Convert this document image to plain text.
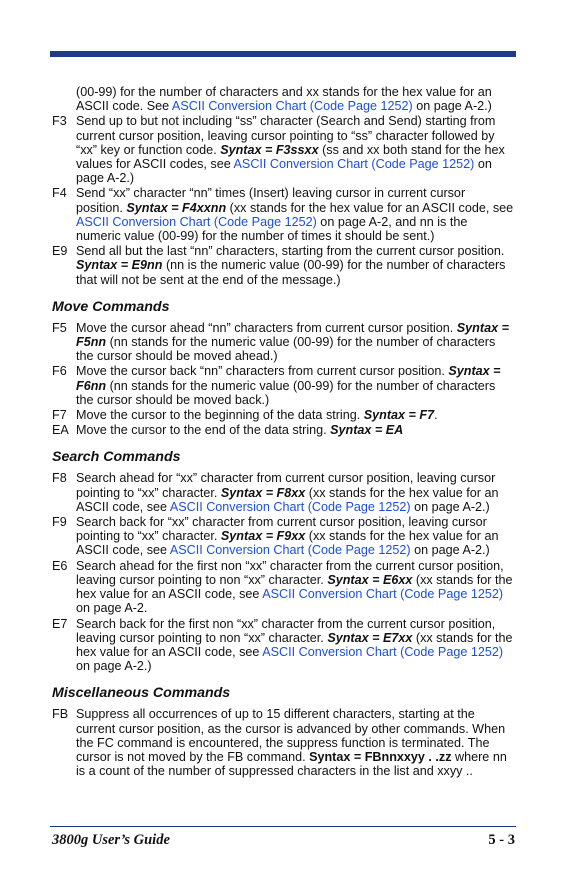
(00-99) for the number of characters and xx stands for the hex value for an ASCII code. See ASCII Conversion Chart (Code Page 1252) on page A-2.)
F3 Send up to but not including “ss” character (Search and Send) starting from current cursor position, leaving cursor pointing to “ss” character followed by “xx” key or function code. Syntax = F3ssxx (ss and xx both stand for the hex values for ASCII codes, see ASCII Conversion Chart (Code Page 1252) on page A-2.)
F4 Send “xx” character “nn” times (Insert) leaving cursor in current cursor position. Syntax = F4xxnn (xx stands for the hex value for an ASCII code, see ASCII Conversion Chart (Code Page 1252) on page A-2, and nn is the numeric value (00-99) for the number of times it should be sent.)
E9 Send all but the last “nn” characters, starting from the current cursor position. Syntax = E9nn (nn is the numeric value (00-99) for the number of characters that will not be sent at the end of the message.)
Move Commands
F5 Move the cursor ahead “nn” characters from current cursor position. Syntax = F5nn (nn stands for the numeric value (00-99) for the number of characters the cursor should be moved ahead.)
F6 Move the cursor back “nn” characters from current cursor position. Syntax = F6nn (nn stands for the numeric value (00-99) for the number of characters the cursor should be moved back.)
F7 Move the cursor to the beginning of the data string. Syntax = F7.
EA Move the cursor to the end of the data string. Syntax = EA
Search Commands
F8 Search ahead for “xx” character from current cursor position, leaving cursor pointing to “xx” character. Syntax = F8xx (xx stands for the hex value for an ASCII code, see ASCII Conversion Chart (Code Page 1252) on page A-2.)
F9 Search back for “xx” character from current cursor position, leaving cursor pointing to “xx” character. Syntax = F9xx (xx stands for the hex value for an ASCII code, see ASCII Conversion Chart (Code Page 1252) on page A-2.)
E6 Search ahead for the first non “xx” character from the current cursor position, leaving cursor pointing to non “xx” character. Syntax = E6xx (xx stands for the hex value for an ASCII code, see ASCII Conversion Chart (Code Page 1252) on page A-2.
E7 Search back for the first non “xx” character from the current cursor position, leaving cursor pointing to non “xx” character. Syntax = E7xx (xx stands for the hex value for an ASCII code, see ASCII Conversion Chart (Code Page 1252) on page A-2.)
Miscellaneous Commands
FB Suppress all occurrences of up to 15 different characters, starting at the current cursor position, as the cursor is advanced by other commands. When the FC command is encountered, the suppress function is terminated. The cursor is not moved by the FB command. Syntax = FBnnxxyy . .zz where nn is a count of the number of suppressed characters in the list and xxyy ..
3800g User’s Guide	5 - 3
